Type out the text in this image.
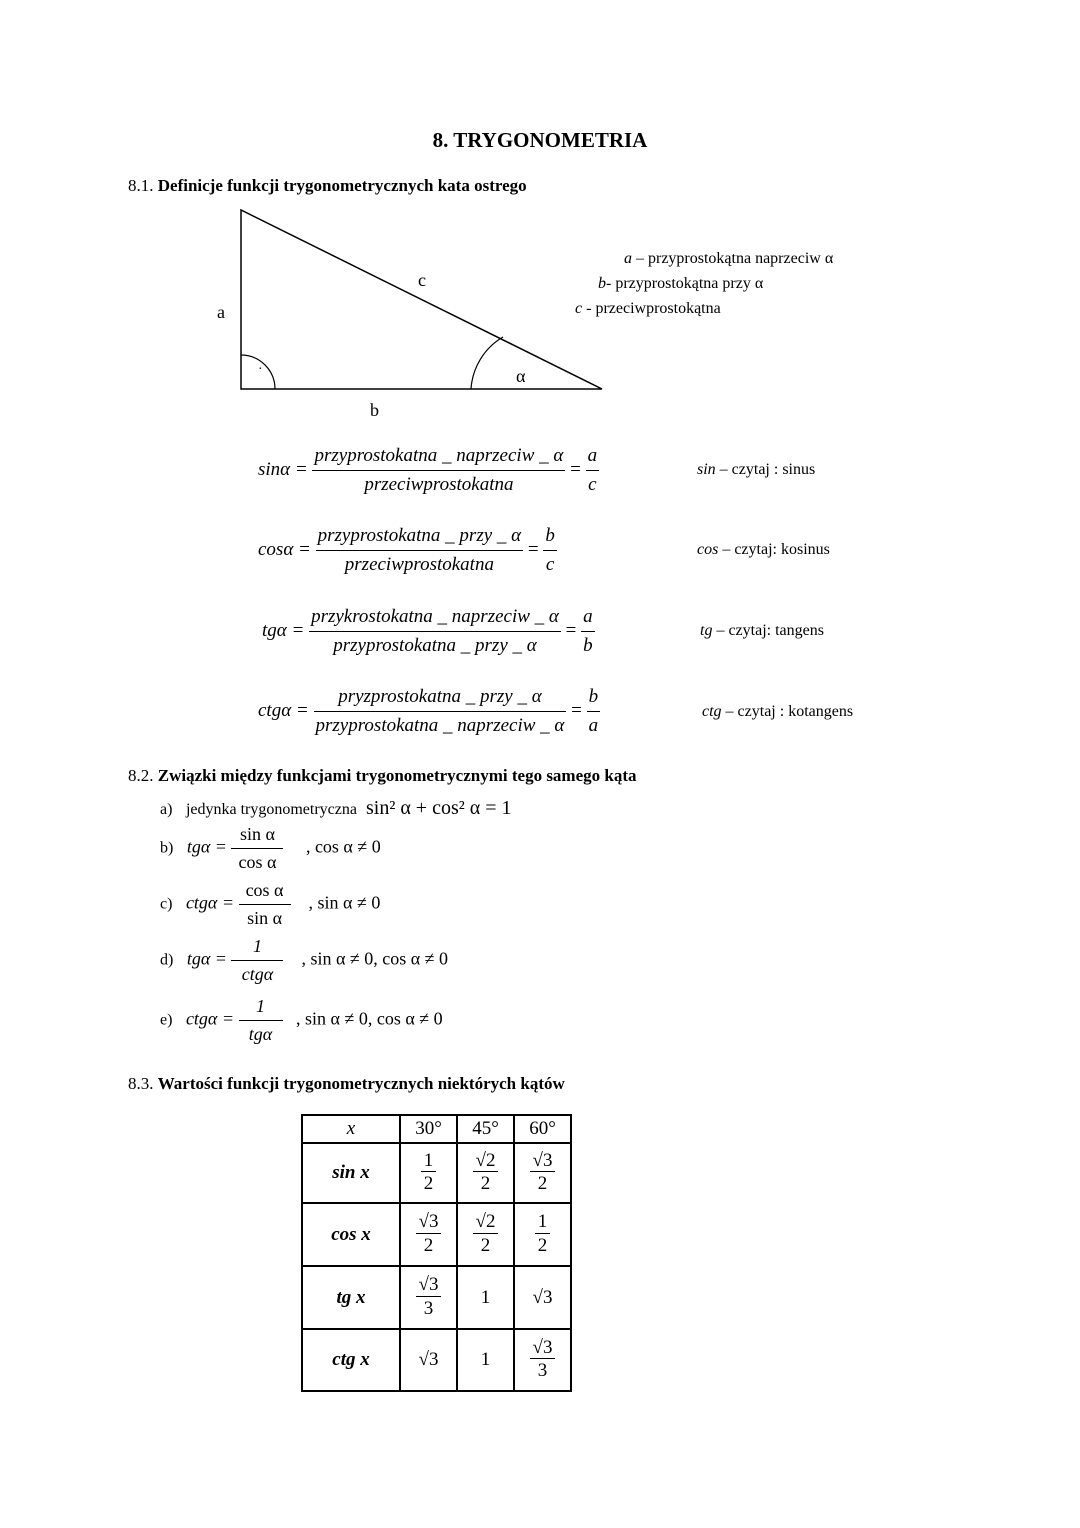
8. TRYGONOMETRIA
8.1. Definicje funkcji trygonometrycznych kata ostrego
·
a
c
b
α
a – przyprostokątna naprzeciw α
b- przyprostokątna przy α
c - przeciwprostokątna
$\sin\alpha = \frac{\text{przyprostokatna \_ naprzeciw \_ α}}{\text{przeciwprostokatna}} = \frac{a}{c}$	sin – czytaj : sinus
$\cos\alpha = \frac{\text{przyprostokatna \_ przy \_ α}}{\text{przeciwprostokatna}} = \frac{b}{c}$	cos – czytaj: kosinus
$tg\alpha = \frac{\text{przykrostokatna \_ naprzeciw \_ α}}{\text{przyprostokatna \_ przy \_ α}} = \frac{a}{b}$	tg – czytaj: tangens
$ctg\alpha = \frac{\text{pryzprostokatna \_ przy \_ α}}{\text{przyprostokatna \_ naprzeciw \_ α}} = \frac{b}{a}$	ctg – czytaj : kotangens
8.2. Związki między funkcjami trygonometrycznymi tego samego kąta
a) jedynka trygonometryczna sin² α + cos² α = 1
b) $tg\alpha = \frac{\text{sin α}}{\text{cos α}}$ , cos α ≠ 0
c) $ctg\alpha = \frac{\text{cos α}}{\text{sin α}}$ , sin α ≠ 0
d) $tg\alpha = \frac{1}{\text{ctgα}}$ , sin α ≠ 0, cos α ≠ 0
e) $ctg\alpha = \frac{1}{\text{tgα}}$ , sin α ≠ 0, cos α ≠ 0
8.3. Wartości funkcji trygonometrycznych niektórych kątów
x	30°	45°	60°
sin x	$\frac{1}{2}$	$\frac{√2}{2}$	$\frac{√3}{2}$

cos x	$\frac{√3}{2}$	$\frac{√2}{2}$	$\frac{1}{2}$

tg x	$\frac{√3}{3}$	1	√3
ctg x	√3	1	$\frac{√3}{3}$
